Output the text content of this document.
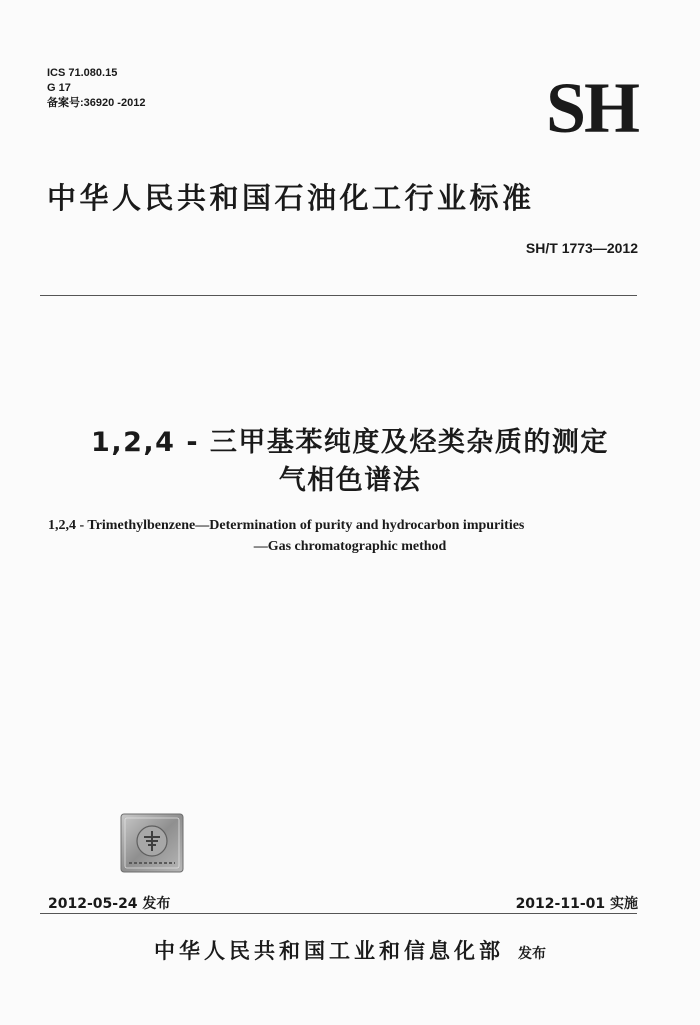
ICS 71.080.15
G 17
备案号:36920 -2012	SH
中华人民共和国石油化工行业标准
SH/T 1773—2012
1,2,4 - 三甲基苯纯度及烃类杂质的测定
气相色谱法
1,2,4 - Trimethylbenzene—Determination of purity and hydrocarbon impurities
—Gas chromatographic method
2012-05-24 发布	2012-11-01 实施
中华人民共和国工业和信息化部 发布
